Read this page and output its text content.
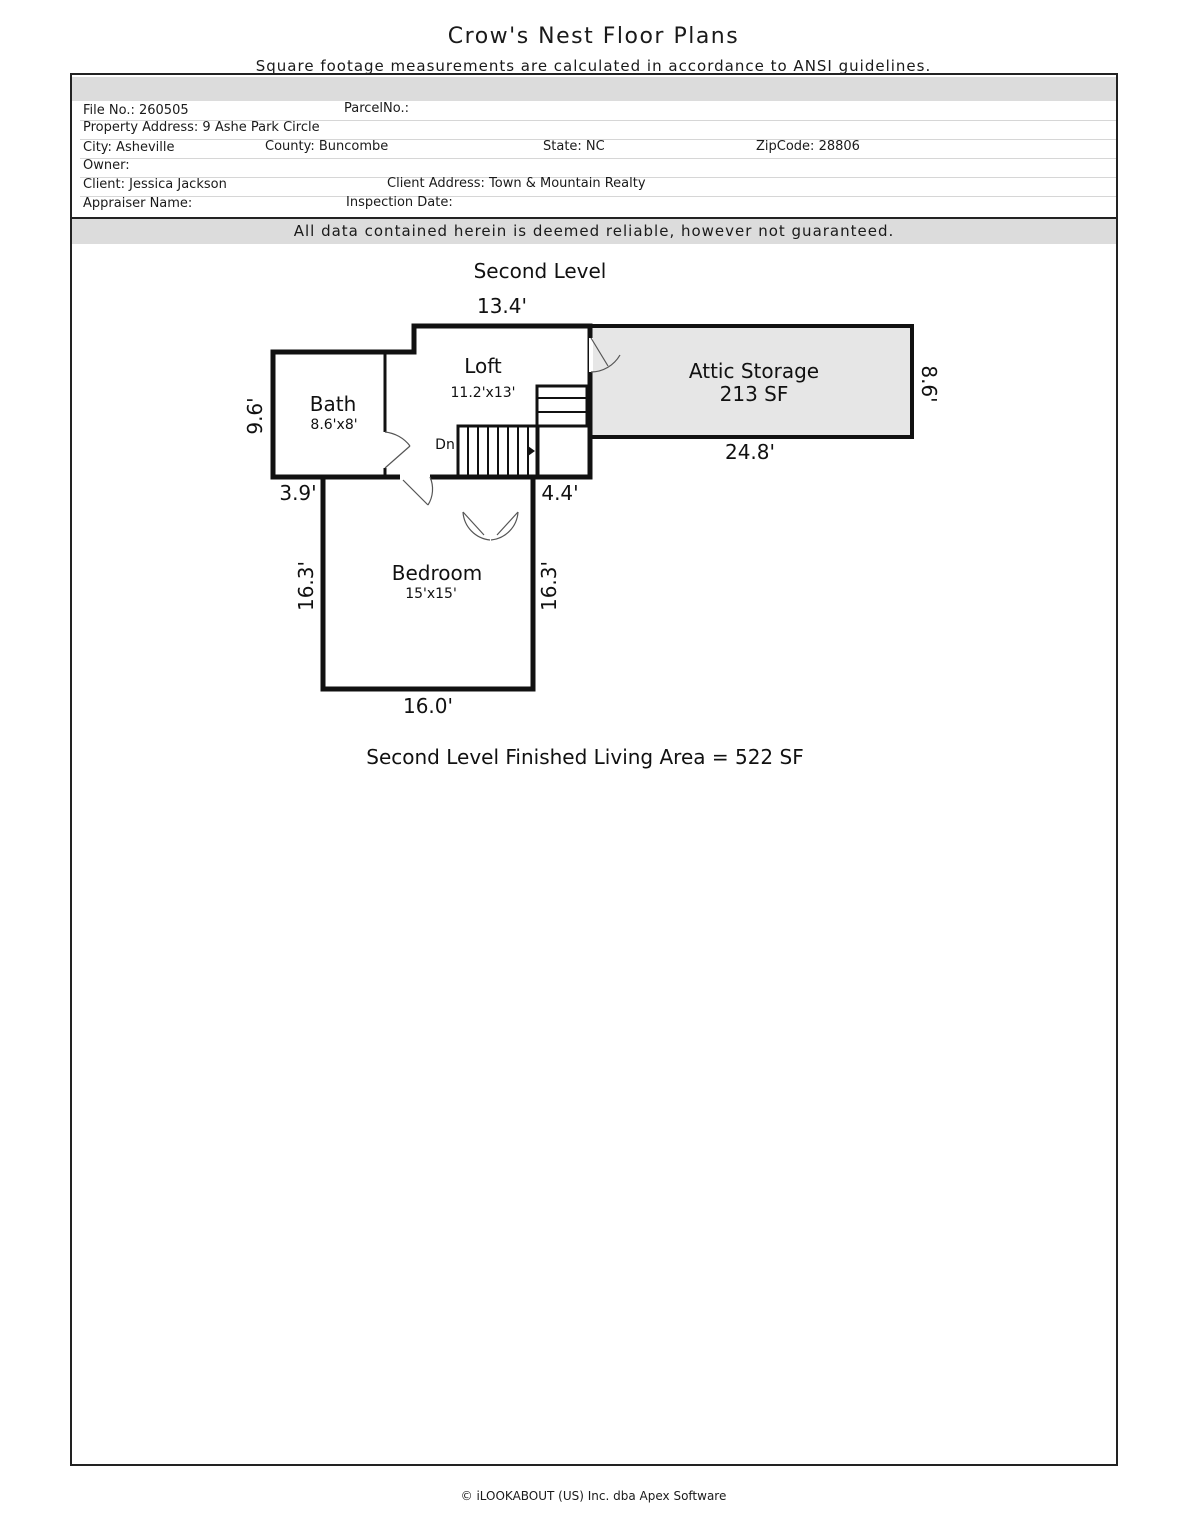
Crow's Nest Floor Plans
Square footage measurements are calculated in accordance to ANSI guidelines.
File No.: 260505	ParcelNo.:
Property Address: 9 Ashe Park Circle
City: Asheville	County: Buncombe	State: NC	ZipCode: 28806
Owner:
Client: Jessica Jackson	Client Address: Town & Mountain Realty
Appraiser Name:	Inspection Date:
All data contained herein is deemed reliable, however not guaranteed.
Second Level
Loft
11.2'x13'
Bath
8.6'x8'
Attic Storage
213 SF
Bedroom
15'x15'
Dn
13.4'
9.6'
8.6'
24.8'
3.9'	4.4'
16.3'	16.3'
16.0'
Second Level Finished Living Area = 522 SF
© iLOOKABOUT (US) Inc. dba Apex Software
